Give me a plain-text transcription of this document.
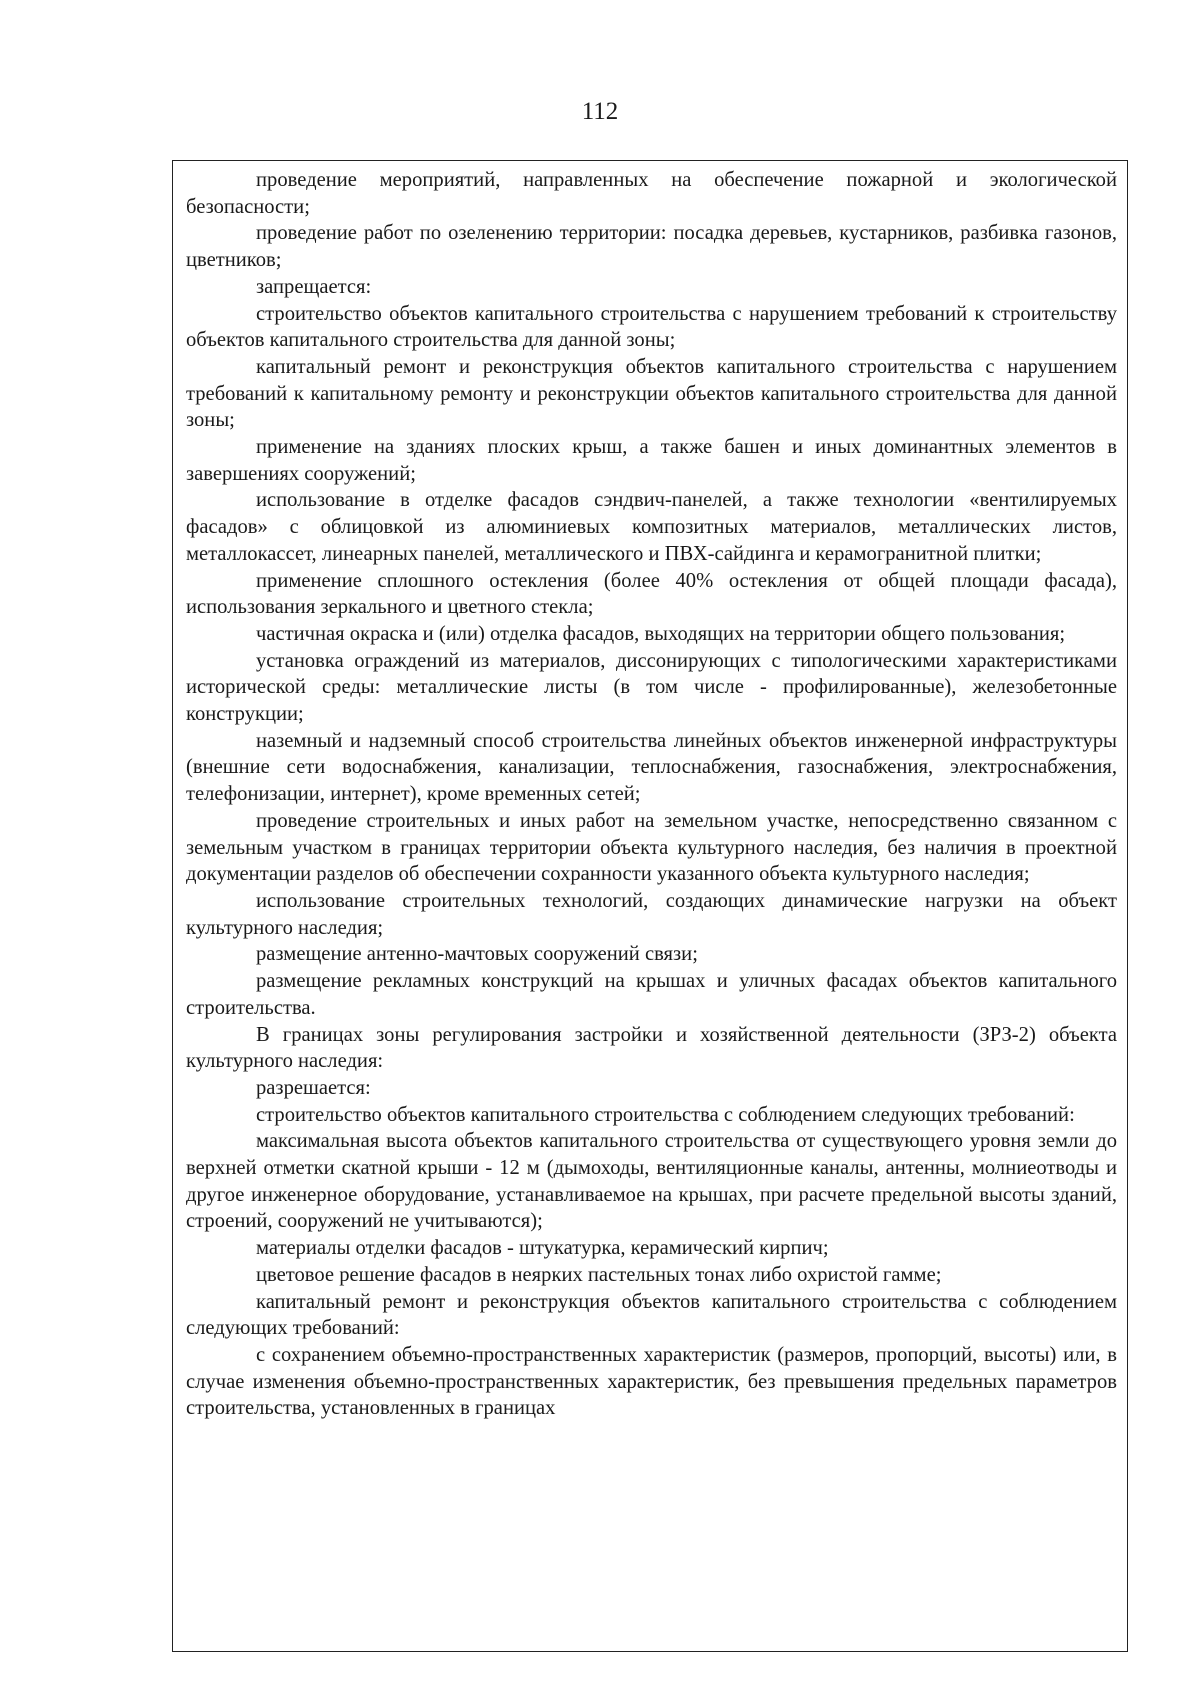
112

проведение мероприятий, направленных на обеспечение пожарной и экологической безопасности;

проведение работ по озеленению территории: посадка деревьев, кустарников, разбивка газонов, цветников;

запрещается:

строительство объектов капитального строительства с нарушением требований к строительству объектов капитального строительства для данной зоны;

капитальный ремонт и реконструкция объектов капитального строительства с нарушением требований к капитальному ремонту и реконструкции объектов капитального строительства для данной зоны;

применение на зданиях плоских крыш, а также башен и иных доминантных элементов в завершениях сооружений;

использование в отделке фасадов сэндвич-панелей, а также технологии «вентилируемых фасадов» с облицовкой из алюминиевых композитных материалов, металлических листов, металлокассет, линеарных панелей, металлического и ПВХ-сайдинга и керамогранитной плитки;

применение сплошного остекления (более 40% остекления от общей площади фасада), использования зеркального и цветного стекла;

частичная окраска и (или) отделка фасадов, выходящих на территории общего пользования;

установка ограждений из материалов, диссонирующих с типологическими характеристиками исторической среды: металлические листы (в том числе - профилированные), железобетонные конструкции;

наземный и надземный способ строительства линейных объектов инженерной инфраструктуры (внешние сети водоснабжения, канализации, теплоснабжения, газоснабжения, электроснабжения, телефонизации, интернет), кроме временных сетей;

проведение строительных и иных работ на земельном участке, непосредственно связанном с земельным участком в границах территории объекта культурного наследия, без наличия в проектной документации разделов об обеспечении сохранности указанного объекта культурного наследия;

использование строительных технологий, создающих динамические нагрузки на объект культурного наследия;

размещение антенно-мачтовых сооружений связи;

размещение рекламных конструкций на крышах и уличных фасадах объектов капитального строительства.

В границах зоны регулирования застройки и хозяйственной деятельности (ЗРЗ-2) объекта культурного наследия:

разрешается:

строительство объектов капитального строительства с соблюдением следующих требований:

максимальная высота объектов капитального строительства от существующего уровня земли до верхней отметки скатной крыши - 12 м (дымоходы, вентиляционные каналы, антенны, молниеотводы и другое инженерное оборудование, устанавливаемое на крышах, при расчете предельной высоты зданий, строений, сооружений не учитываются);

материалы отделки фасадов - штукатурка, керамический кирпич;

цветовое решение фасадов в неярких пастельных тонах либо охристой гамме;

капитальный ремонт и реконструкция объектов капитального строительства с соблюдением следующих требований:

с сохранением объемно-пространственных характеристик (размеров, пропорций, высоты) или, в случае изменения объемно-пространственных характеристик, без превышения предельных параметров строительства, установленных в границах
